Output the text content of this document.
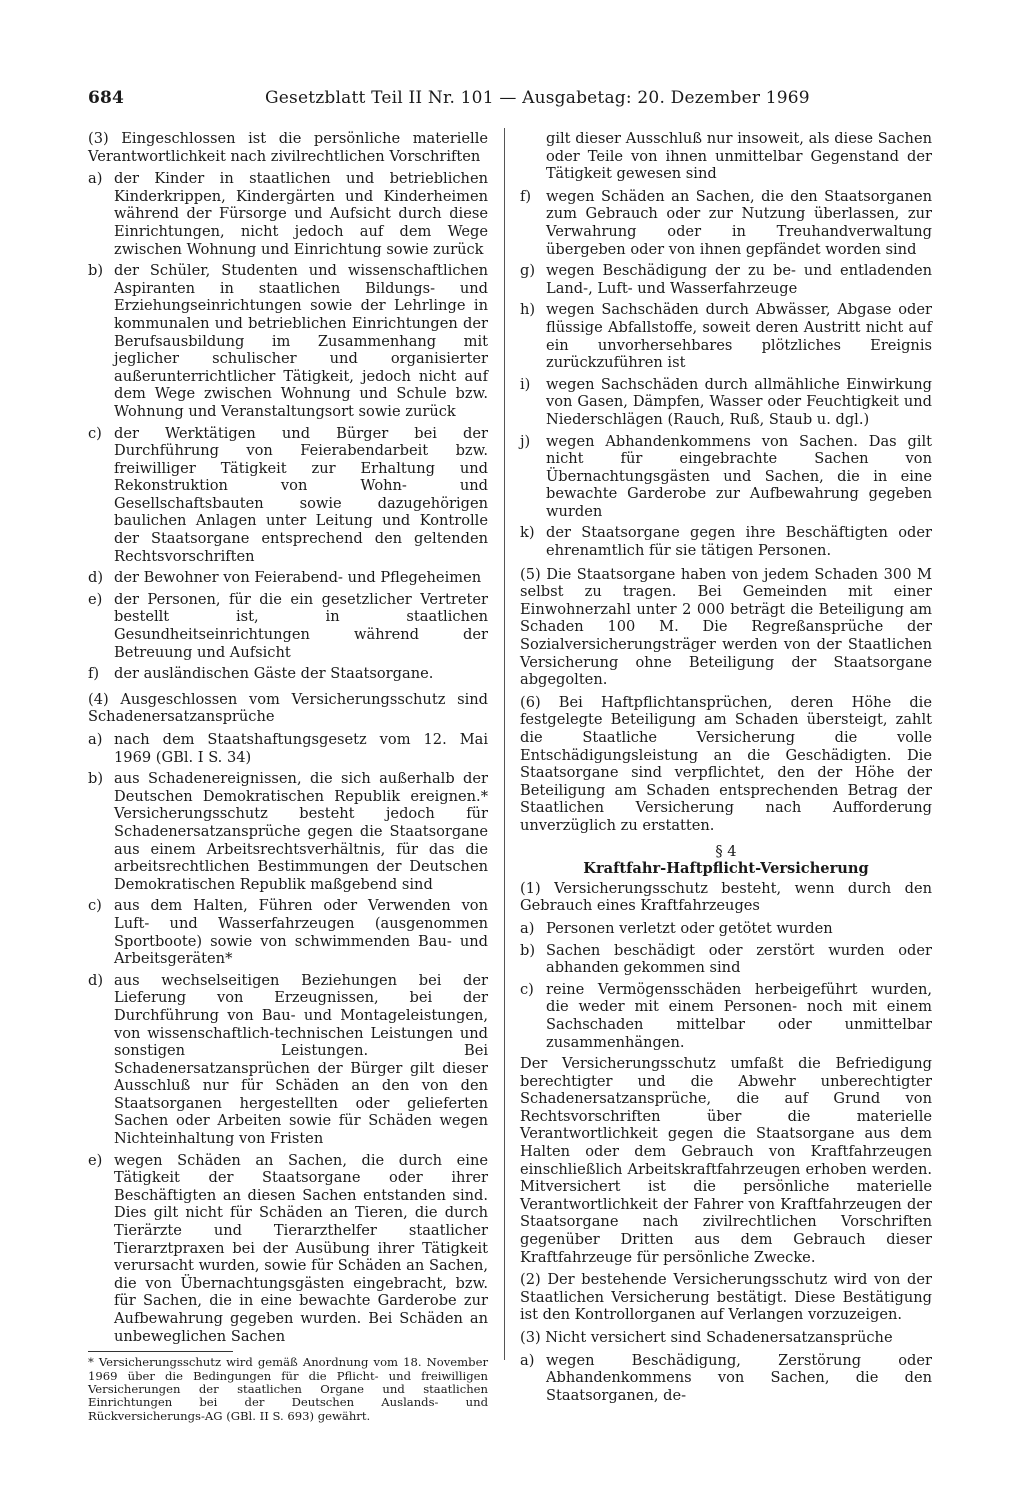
684	Gesetzblatt Teil II Nr. 101 — Ausgabetag: 20. Dezember 1969

(3) Eingeschlossen ist die persönliche materielle Verantwortlichkeit nach zivilrechtlichen Vorschriften

a) der Kinder in staatlichen und betrieblichen Kinderkrippen, Kindergärten und Kinderheimen während der Fürsorge und Aufsicht durch diese Einrichtungen, nicht jedoch auf dem Wege zwischen Wohnung und Einrichtung sowie zurück
b) der Schüler, Studenten und wissenschaftlichen Aspiranten in staatlichen Bildungs- und Erziehungseinrichtungen sowie der Lehrlinge in kommunalen und betrieblichen Einrichtungen der Berufsausbildung im Zusammenhang mit jeglicher schulischer und organisierter außerunterrichtlicher Tätigkeit, jedoch nicht auf dem Wege zwischen Wohnung und Schule bzw. Wohnung und Veranstaltungsort sowie zurück
c) der Werktätigen und Bürger bei der Durchführung von Feierabendarbeit bzw. freiwilliger Tätigkeit zur Erhaltung und Rekonstruktion von Wohn- und Gesellschaftsbauten sowie dazugehörigen baulichen Anlagen unter Leitung und Kontrolle der Staatsorgane entsprechend den geltenden Rechtsvorschriften
d) der Bewohner von Feierabend- und Pflegeheimen
e) der Personen, für die ein gesetzlicher Vertreter bestellt ist, in staatlichen Gesundheitseinrichtungen während der Betreuung und Aufsicht
f)	der ausländischen Gäste der Staatsorgane.

(4) Ausgeschlossen vom Versicherungsschutz sind Schadenersatzansprüche

a) nach dem Staatshaftungsgesetz vom 12. Mai 1969 (GBl. I S. 34)
b) aus Schadenereignissen, die sich außerhalb der Deutschen Demokratischen Republik ereignen.* Versicherungsschutz besteht jedoch für Schadenersatzansprüche gegen die Staatsorgane aus einem Arbeitsrechtsverhältnis, für das die arbeitsrechtlichen Bestimmungen der Deutschen Demokratischen Republik maßgebend sind
c) aus dem Halten, Führen oder Verwenden von Luft- und Wasserfahrzeugen (ausgenommen Sportboote) sowie von schwimmenden Bau- und Arbeitsgeräten*
d) aus wechselseitigen Beziehungen bei der Lieferung von Erzeugnissen, bei der Durchführung von Bau- und Montageleistungen, von wissenschaftlich-technischen Leistungen und sonstigen Leistungen. Bei Schadenersatzansprüchen der Bürger gilt dieser Ausschluß nur für Schäden an den von den Staatsorganen hergestellten oder gelieferten Sachen oder Arbeiten sowie für Schäden wegen Nichteinhaltung von Fristen
e) wegen Schäden an Sachen, die durch eine Tätigkeit der Staatsorgane oder ihrer Beschäftigten an diesen Sachen entstanden sind. Dies gilt nicht für Schäden an Tieren, die durch Tierärzte und Tierarzthelfer staatlicher Tierarztpraxen bei der Ausübung ihrer Tätigkeit verursacht wurden, sowie für Schäden an Sachen, die von Übernachtungsgästen eingebracht, bzw. für Sachen, die in eine bewachte Garderobe zur Aufbewahrung gegeben wurden. Bei Schäden an unbeweglichen Sachen

* Versicherungsschutz wird gemäß Anordnung vom 18. November 1969 über die Bedingungen für die Pflicht- und freiwilligen Versicherungen der staatlichen Organe und staatlichen Einrichtungen bei der Deutschen Auslands- und Rückversicherungs-AG (GBl. II S. 693) gewährt.

gilt dieser Ausschluß nur insoweit, als diese Sachen oder Teile von ihnen unmittelbar Gegenstand der Tätigkeit gewesen sind

f)	wegen Schäden an Sachen, die den Staatsorganen zum Gebrauch oder zur Nutzung überlassen, zur Verwahrung oder in Treuhandverwaltung übergeben oder von ihnen gepfändet worden sind
g) wegen Beschädigung der zu be- und entladenden Land-, Luft- und Wasserfahrzeuge
h) wegen Sachschäden durch Abwässer, Abgase oder flüssige Abfallstoffe, soweit deren Austritt nicht auf ein unvorhersehbares plötzliches Ereignis zurückzuführen ist
i)	wegen Sachschäden durch allmähliche Einwirkung von Gasen, Dämpfen, Wasser oder Feuchtigkeit und Niederschlägen (Rauch, Ruß, Staub u. dgl.)
j)	wegen Abhandenkommens von Sachen. Das gilt nicht für eingebrachte Sachen von Übernachtungsgästen und Sachen, die in eine bewachte Garderobe zur Aufbewahrung gegeben wurden
k) der Staatsorgane gegen ihre Beschäftigten oder ehrenamtlich für sie tätigen Personen.

(5) Die Staatsorgane haben von jedem Schaden 300 M selbst zu tragen. Bei Gemeinden mit einer Einwohnerzahl unter 2 000 beträgt die Beteiligung am Schaden 100 M. Die Regreßansprüche der Sozialversicherungsträger werden von der Staatlichen Versicherung ohne Beteiligung der Staatsorgane abgegolten.

(6) Bei Haftpflichtansprüchen, deren Höhe die festgelegte Beteiligung am Schaden übersteigt, zahlt die Staatliche Versicherung die volle Entschädigungsleistung an die Geschädigten. Die Staatsorgane sind verpflichtet, den der Höhe der Beteiligung am Schaden entsprechenden Betrag der Staatlichen Versicherung nach Aufforderung unverzüglich zu erstatten.

§ 4

Kraftfahr-Haftpflicht-Versicherung

(1) Versicherungsschutz besteht, wenn durch den Gebrauch eines Kraftfahrzeuges

a) Personen verletzt oder getötet wurden
b) Sachen beschädigt oder zerstört wurden oder abhanden gekommen sind
c) reine Vermögensschäden herbeigeführt wurden, die weder mit einem Personen- noch mit einem Sachschaden mittelbar oder unmittelbar zusammenhängen.

Der Versicherungsschutz umfaßt die Befriedigung berechtigter und die Abwehr unberechtigter Schadenersatzansprüche, die auf Grund von Rechtsvorschriften über die materielle Verantwortlichkeit gegen die Staatsorgane aus dem Halten oder dem Gebrauch von Kraftfahrzeugen einschließlich Arbeitskraftfahrzeugen erhoben werden. Mitversichert ist die persönliche materielle Verantwortlichkeit der Fahrer von Kraftfahrzeugen der Staatsorgane nach zivilrechtlichen Vorschriften gegenüber Dritten aus dem Gebrauch dieser Kraftfahrzeuge für persönliche Zwecke.

(2) Der bestehende Versicherungsschutz wird von der Staatlichen Versicherung bestätigt. Diese Bestätigung ist den Kontrollorganen auf Verlangen vorzuzeigen.

(3) Nicht versichert sind Schadenersatzansprüche

a) wegen Beschädigung, Zerstörung oder Abhandenkommens von Sachen, die den Staatsorganen, de-
